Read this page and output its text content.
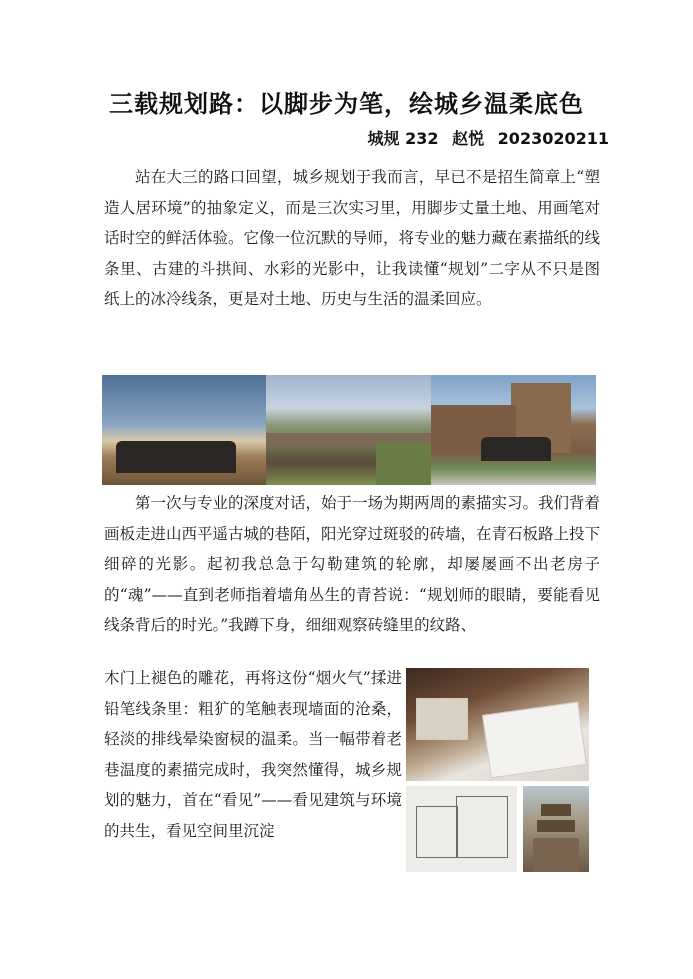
三载规划路：以脚步为笔，绘城乡温柔底色
城规 232 赵悦 2023020211

站在大三的路口回望，城乡规划于我而言，早已不是招生简章上“塑造人居环境”的抽象定义，而是三次实习里，用脚步丈量土地、用画笔对话时空的鲜活体验。它像一位沉默的导师，将专业的魅力藏在素描纸的线条里、古建的斗拱间、水彩的光影中，让我读懂“规划”二字从不只是图纸上的冰冷线条，更是对土地、历史与生活的温柔回应。

第一次与专业的深度对话，始于一场为期两周的素描实习。我们背着画板走进山西平遥古城的巷陌，阳光穿过斑驳的砖墙，在青石板路上投下细碎的光影。起初我总急于勾勒建筑的轮廓，却屡屡画不出老房子的“魂”——直到老师指着墙角丛生的青苔说：“规划师的眼睛，要能看见线条背后的时光。”我蹲下身，细细观察砖缝里的纹路、

木门上褪色的雕花，再将这份“烟火气”揉进铅笔线条里：粗犷的笔触表现墙面的沧桑，轻淡的排线晕染窗棂的温柔。当一幅带着老巷温度的素描完成时，我突然懂得，城乡规划的魅力，首在“看见”——看见建筑与环境的共生，看见空间里沉淀
